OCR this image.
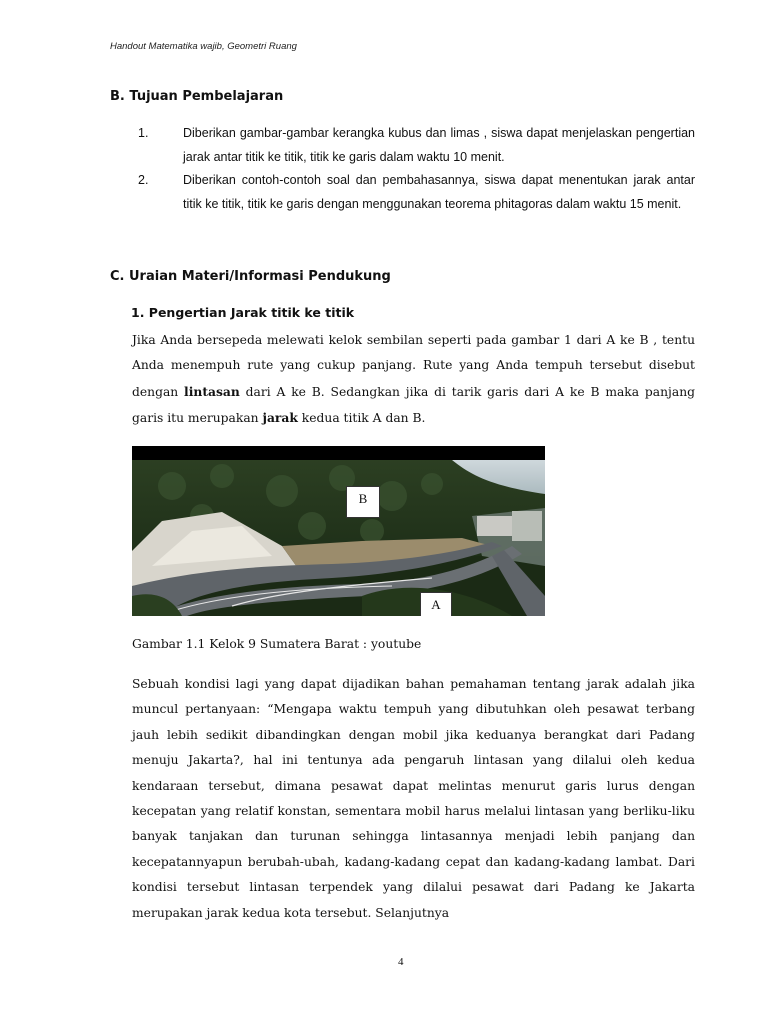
Handout Matematika wajib, Geometri Ruang
B. Tujuan Pembelajaran
1.	Diberikan gambar-gambar kerangka kubus dan limas , siswa dapat menjelaskan pengertian jarak antar titik ke titik, titik ke garis dalam waktu 10 menit.
2.	Diberikan contoh-contoh soal dan pembahasannya, siswa dapat menentukan jarak antar titik ke titik, titik ke garis dengan menggunakan teorema phitagoras dalam waktu 15 menit.
C. Uraian Materi/Informasi Pendukung
1. Pengertian Jarak titik ke titik
Jika Anda bersepeda melewati kelok sembilan seperti pada gambar 1 dari A ke B , tentu Anda menempuh rute yang cukup panjang. Rute yang Anda tempuh tersebut disebut dengan lintasan dari A ke B. Sedangkan jika di tarik garis dari A ke B maka panjang garis itu merupakan jarak kedua titik A dan B.
B
A
Gambar 1.1 Kelok 9 Sumatera Barat : youtube
Sebuah kondisi lagi yang dapat dijadikan bahan pemahaman tentang jarak adalah jika muncul pertanyaan: “Mengapa waktu tempuh yang dibutuhkan oleh pesawat terbang jauh lebih sedikit dibandingkan dengan mobil jika keduanya berangkat dari Padang menuju Jakarta?, hal ini tentunya ada pengaruh lintasan yang dilalui oleh kedua kendaraan tersebut, dimana pesawat dapat melintas menurut garis lurus dengan kecepatan yang relatif konstan, sementara mobil harus melalui lintasan yang berliku-liku banyak tanjakan dan turunan sehingga lintasannya menjadi lebih panjang dan kecepatannyapun berubah-ubah, kadang-kadang cepat dan kadang-kadang lambat. Dari kondisi tersebut lintasan terpendek yang dilalui pesawat dari Padang ke Jakarta merupakan jarak kedua kota tersebut. Selanjutnya
4
